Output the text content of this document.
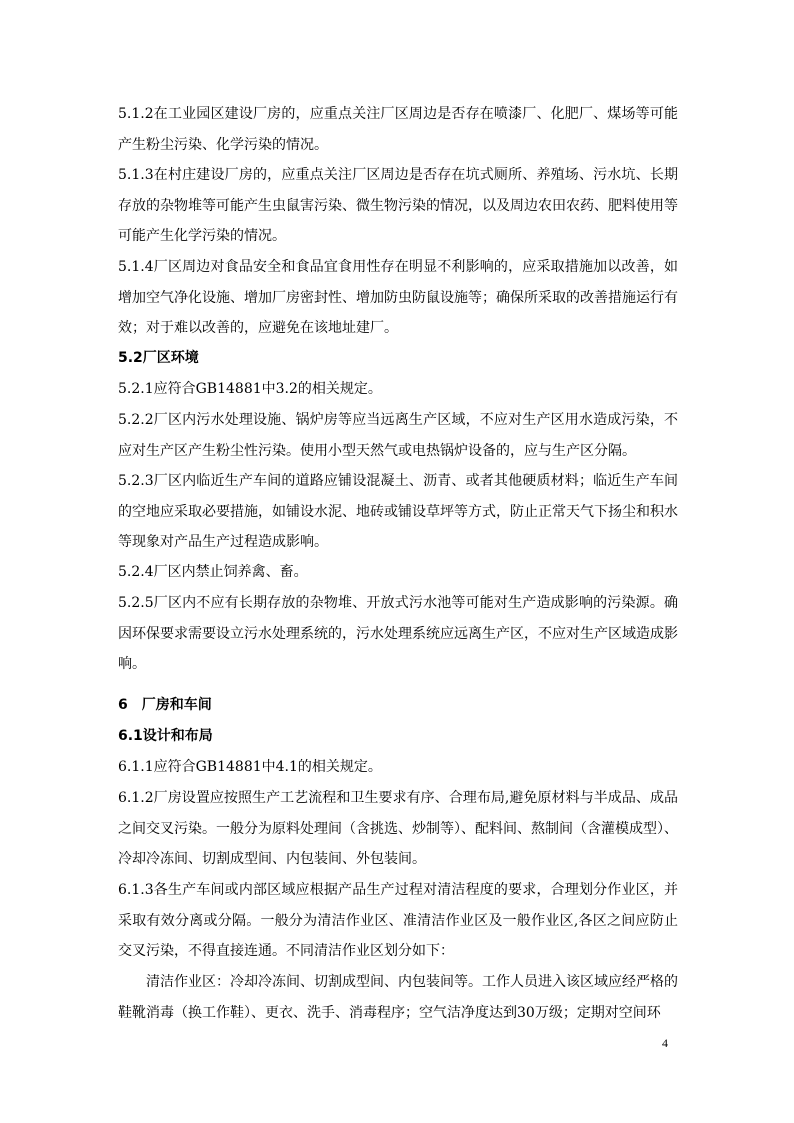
5.1.2在工业园区建设厂房的，应重点关注厂区周边是否存在喷漆厂、化肥厂、煤场等可能产生粉尘污染、化学污染的情况。

5.1.3在村庄建设厂房的，应重点关注厂区周边是否存在坑式厕所、养殖场、污水坑、长期存放的杂物堆等可能产生虫鼠害污染、微生物污染的情况，以及周边农田农药、肥料使用等可能产生化学污染的情况。

5.1.4厂区周边对食品安全和食品宜食用性存在明显不利影响的，应采取措施加以改善，如增加空气净化设施、增加厂房密封性、增加防虫防鼠设施等；确保所采取的改善措施运行有效；对于难以改善的，应避免在该地址建厂。

5.2厂区环境

5.2.1应符合GB14881中3.2的相关规定。

5.2.2厂区内污水处理设施、锅炉房等应当远离生产区域，不应对生产区用水造成污染，不应对生产区产生粉尘性污染。使用小型天然气或电热锅炉设备的，应与生产区分隔。

5.2.3厂区内临近生产车间的道路应铺设混凝土、沥青、或者其他硬质材料；临近生产车间的空地应采取必要措施，如铺设水泥、地砖或铺设草坪等方式，防止正常天气下扬尘和积水等现象对产品生产过程造成影响。

5.2.4厂区内禁止饲养禽、畜。

5.2.5厂区内不应有长期存放的杂物堆、开放式污水池等可能对生产造成影响的污染源。确因环保要求需要设立污水处理系统的，污水处理系统应远离生产区，不应对生产区域造成影响。

6　厂房和车间
6.1设计和布局

6.1.1应符合GB14881中4.1的相关规定。

6.1.2厂房设置应按照生产工艺流程和卫生要求有序、合理布局,避免原材料与半成品、成品之间交叉污染。一般分为原料处理间（含挑选、炒制等）、配料间、熬制间（含灌模成型）、冷却冷冻间、切割成型间、内包装间、外包装间。

6.1.3各生产车间或内部区域应根据产品生产过程对清洁程度的要求，合理划分作业区，并采取有效分离或分隔。一般分为清洁作业区、准清洁作业区及一般作业区,各区之间应防止交叉污染，不得直接连通。不同清洁作业区划分如下：

清洁作业区：冷却冷冻间、切割成型间、内包装间等。工作人员进入该区域应经严格的鞋靴消毒（换工作鞋）、更衣、洗手、消毒程序；空气洁净度达到30万级；定期对空间环

4
